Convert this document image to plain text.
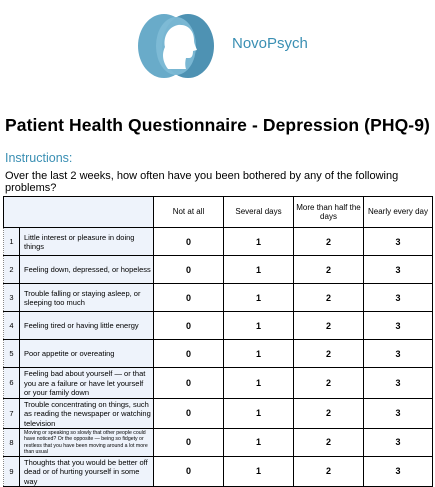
NovoPsych
Patient Health Questionnaire - Depression (PHQ-9)
Instructions:
Over the last 2 weeks, how often have you been bothered by any of the following problems?
		Not at all	Several days	More than half the days	Nearly every day
1	Little interest or pleasure in doing things	0	1	2	3
2	Feeling down, depressed, or hopeless	0	1	2	3
3	Trouble falling or staying asleep, or sleeping too much	0	1	2	3
4	Feeling tired or having little energy	0	1	2	3
5	Poor appetite or overeating	0	1	2	3
6	Feeling bad about yourself — or that you are a failure or have let yourself or your family down	0	1	2	3
7	Trouble concentrating on things, such as reading the newspaper or watching television	0	1	2	3
8	Moving or speaking so slowly that other people could have noticed? Or the opposite — being so fidgety or restless that you have been moving around a lot more than usual	0	1	2	3
9	Thoughts that you would be better off dead or of hurting yourself in some way	0	1	2	3
